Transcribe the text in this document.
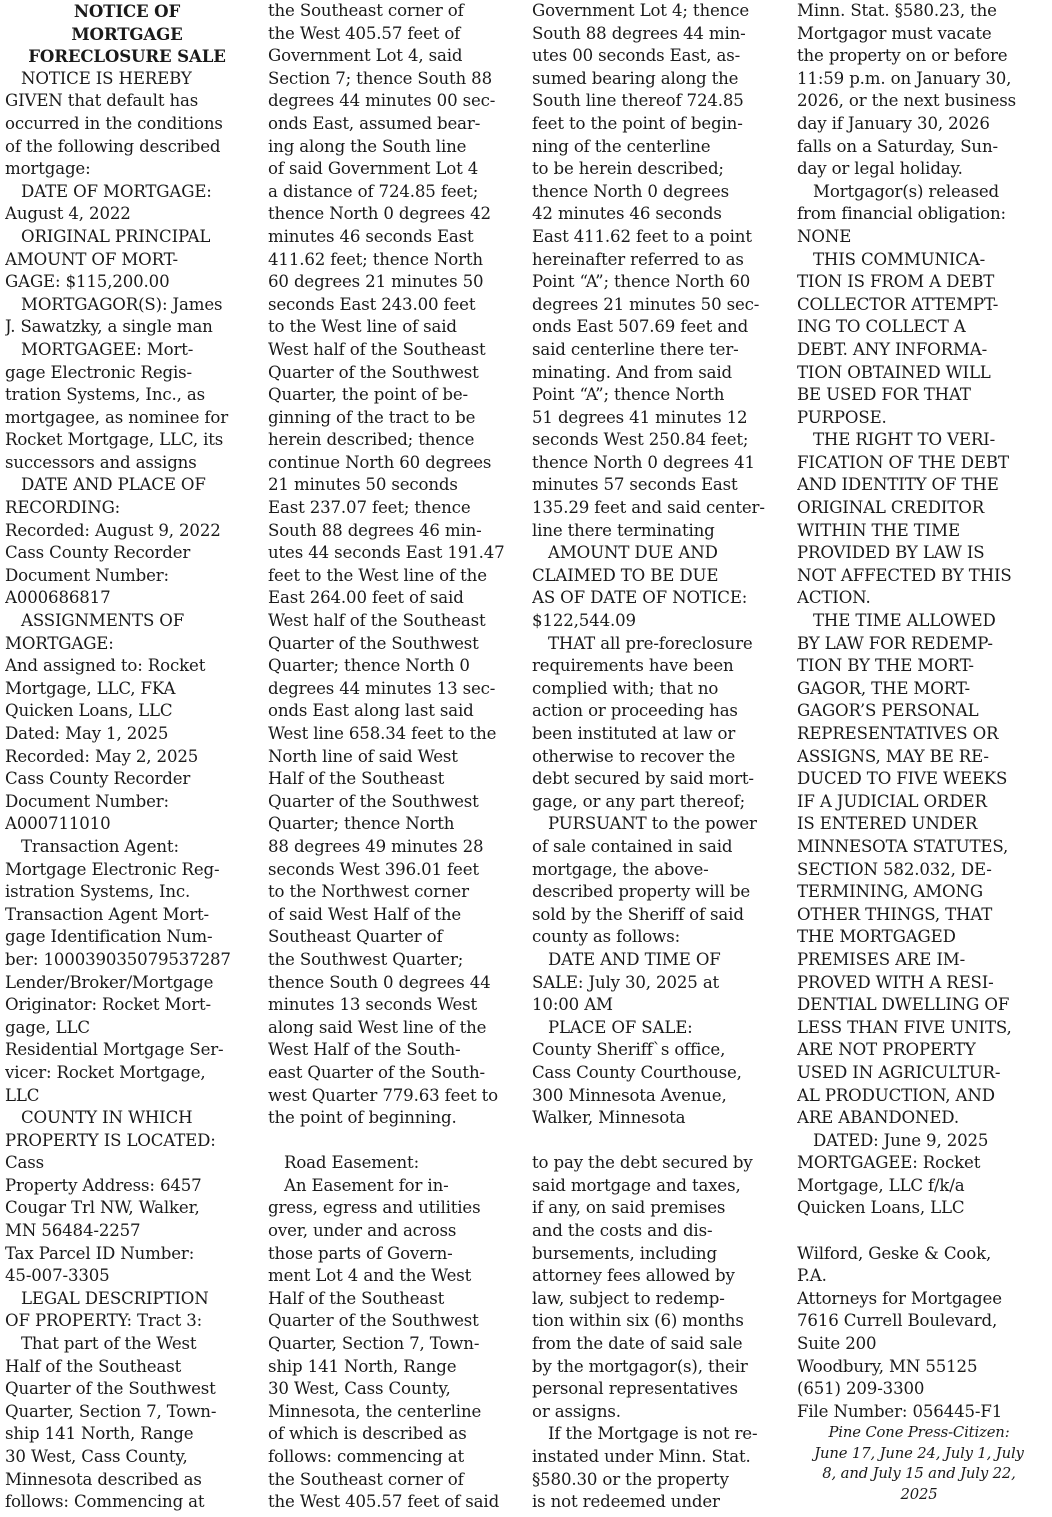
NOTICE OF
MORTGAGE
FORECLOSURE SALE
NOTICE IS HEREBY
GIVEN that default has
occurred in the conditions
of the following described
mortgage:
DATE OF MORTGAGE:
August 4, 2022
ORIGINAL PRINCIPAL
AMOUNT OF MORT-
GAGE: $115,200.00
MORTGAGOR(S): James
J. Sawatzky, a single man
MORTGAGEE: Mort-
gage Electronic Regis-
tration Systems, Inc., as
mortgagee, as nominee for
Rocket Mortgage, LLC, its
successors and assigns
DATE AND PLACE OF
RECORDING:
Recorded: August 9, 2022
Cass County Recorder
Document Number:
A000686817
ASSIGNMENTS OF
MORTGAGE:
And assigned to: Rocket
Mortgage, LLC, FKA
Quicken Loans, LLC
Dated: May 1, 2025
Recorded: May 2, 2025
Cass County Recorder
Document Number:
A000711010
Transaction Agent:
Mortgage Electronic Reg-
istration Systems, Inc.
Transaction Agent Mort-
gage Identification Num-
ber: 100039035079537287
Lender/Broker/Mortgage
Originator: Rocket Mort-
gage, LLC
Residential Mortgage Ser-
vicer: Rocket Mortgage,
LLC
COUNTY IN WHICH
PROPERTY IS LOCATED:
Cass
Property Address: 6457
Cougar Trl NW, Walker,
MN 56484-2257
Tax Parcel ID Number:
45-007-3305
LEGAL DESCRIPTION
OF PROPERTY: Tract 3:
That part of the West
Half of the Southeast
Quarter of the Southwest
Quarter, Section 7, Town-
ship 141 North, Range
30 West, Cass County,
Minnesota described as
follows: Commencing at
the Southeast corner of
the West 405.57 feet of
Government Lot 4, said
Section 7; thence South 88
degrees 44 minutes 00 sec-
onds East, assumed bear-
ing along the South line
of said Government Lot 4
a distance of 724.85 feet;
thence North 0 degrees 42
minutes 46 seconds East
411.62 feet; thence North
60 degrees 21 minutes 50
seconds East 243.00 feet
to the West line of said
West half of the Southeast
Quarter of the Southwest
Quarter, the point of be-
ginning of the tract to be
herein described; thence
continue North 60 degrees
21 minutes 50 seconds
East 237.07 feet; thence
South 88 degrees 46 min-
utes 44 seconds East 191.47
feet to the West line of the
East 264.00 feet of said
West half of the Southeast
Quarter of the Southwest
Quarter; thence North 0
degrees 44 minutes 13 sec-
onds East along last said
West line 658.34 feet to the
North line of said West
Half of the Southeast
Quarter of the Southwest
Quarter; thence North
88 degrees 49 minutes 28
seconds West 396.01 feet
to the Northwest corner
of said West Half of the
Southeast Quarter of
the Southwest Quarter;
thence South 0 degrees 44
minutes 13 seconds West
along said West line of the
West Half of the South-
east Quarter of the South-
west Quarter 779.63 feet to
the point of beginning.
Road Easement:
An Easement for in-
gress, egress and utilities
over, under and across
those parts of Govern-
ment Lot 4 and the West
Half of the Southeast
Quarter of the Southwest
Quarter, Section 7, Town-
ship 141 North, Range
30 West, Cass County,
Minnesota, the centerline
of which is described as
follows: commencing at
the Southeast corner of
the West 405.57 feet of said
Government Lot 4; thence
South 88 degrees 44 min-
utes 00 seconds East, as-
sumed bearing along the
South line thereof 724.85
feet to the point of begin-
ning of the centerline
to be herein described;
thence North 0 degrees
42 minutes 46 seconds
East 411.62 feet to a point
hereinafter referred to as
Point “A”; thence North 60
degrees 21 minutes 50 sec-
onds East 507.69 feet and
said centerline there ter-
minating. And from said
Point “A”; thence North
51 degrees 41 minutes 12
seconds West 250.84 feet;
thence North 0 degrees 41
minutes 57 seconds East
135.29 feet and said center-
line there terminating
AMOUNT DUE AND
CLAIMED TO BE DUE
AS OF DATE OF NOTICE:
$122,544.09
THAT all pre-foreclosure
requirements have been
complied with; that no
action or proceeding has
been instituted at law or
otherwise to recover the
debt secured by said mort-
gage, or any part thereof;
PURSUANT to the power
of sale contained in said
mortgage, the above-
described property will be
sold by the Sheriff of said
county as follows:
DATE AND TIME OF
SALE: July 30, 2025 at
10:00 AM
PLACE OF SALE:
County Sheriff`s office,
Cass County Courthouse,
300 Minnesota Avenue,
Walker, Minnesota
to pay the debt secured by
said mortgage and taxes,
if any, on said premises
and the costs and dis-
bursements, including
attorney fees allowed by
law, subject to redemp-
tion within six (6) months
from the date of said sale
by the mortgagor(s), their
personal representatives
or assigns.
If the Mortgage is not re-
instated under Minn. Stat.
§580.30 or the property
is not redeemed under
Minn. Stat. §580.23, the
Mortgagor must vacate
the property on or before
11:59 p.m. on January 30,
2026, or the next business
day if January 30, 2026
falls on a Saturday, Sun-
day or legal holiday.
Mortgagor(s) released
from financial obligation:
NONE
THIS COMMUNICA-
TION IS FROM A DEBT
COLLECTOR ATTEMPT-
ING TO COLLECT A
DEBT. ANY INFORMA-
TION OBTAINED WILL
BE USED FOR THAT
PURPOSE.
THE RIGHT TO VERI-
FICATION OF THE DEBT
AND IDENTITY OF THE
ORIGINAL CREDITOR
WITHIN THE TIME
PROVIDED BY LAW IS
NOT AFFECTED BY THIS
ACTION.
THE TIME ALLOWED
BY LAW FOR REDEMP-
TION BY THE MORT-
GAGOR, THE MORT-
GAGOR’S PERSONAL
REPRESENTATIVES OR
ASSIGNS, MAY BE RE-
DUCED TO FIVE WEEKS
IF A JUDICIAL ORDER
IS ENTERED UNDER
MINNESOTA STATUTES,
SECTION 582.032, DE-
TERMINING, AMONG
OTHER THINGS, THAT
THE MORTGAGED
PREMISES ARE IM-
PROVED WITH A RESI-
DENTIAL DWELLING OF
LESS THAN FIVE UNITS,
ARE NOT PROPERTY
USED IN AGRICULTUR-
AL PRODUCTION, AND
ARE ABANDONED.
DATED: June 9, 2025
MORTGAGEE: Rocket
Mortgage, LLC f/k/a
Quicken Loans, LLC
Wilford, Geske & Cook,
P.A.
Attorneys for Mortgagee
7616 Currell Boulevard,
Suite 200
Woodbury, MN 55125
(651) 209-3300
File Number: 056445-F1
Pine Cone Press-Citizen:
June 17, June 24, July 1, July
8, and July 15 and July 22,
2025
